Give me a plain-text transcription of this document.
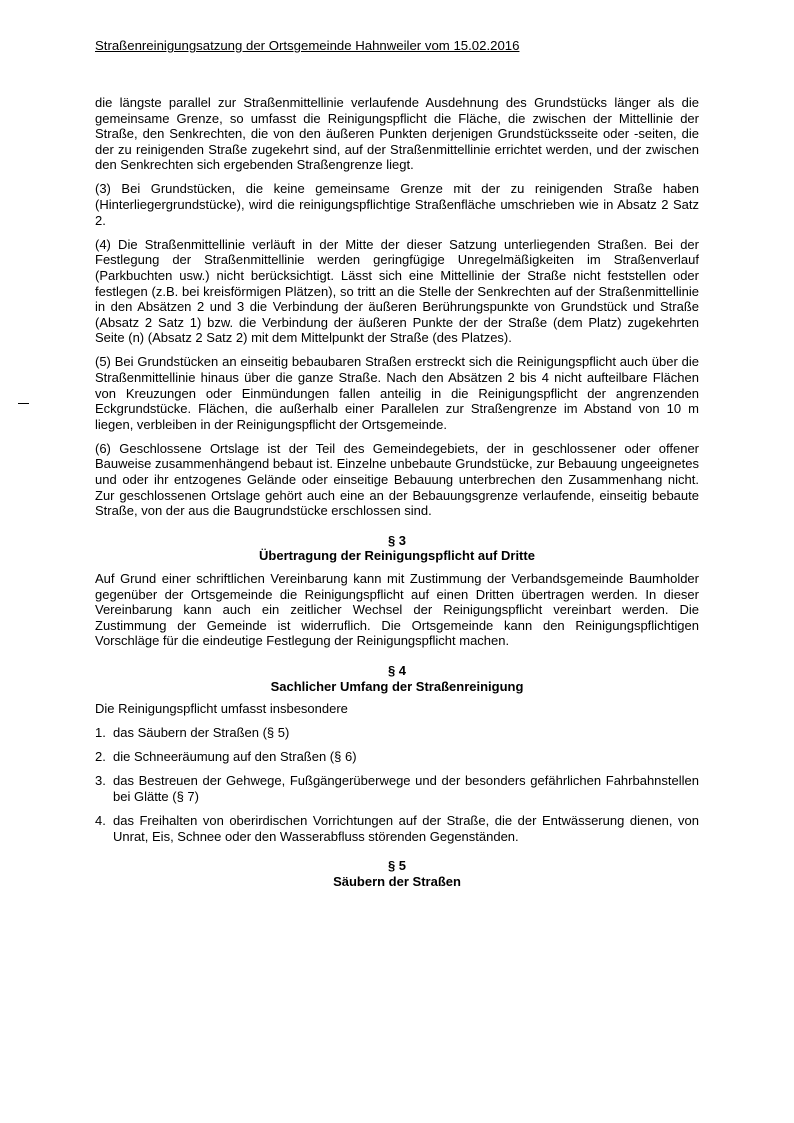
Straßenreinigungsatzung der Ortsgemeinde Hahnweiler vom 15.02.2016

die längste parallel zur Straßenmittellinie verlaufende Ausdehnung des Grundstücks länger als die gemeinsame Grenze, so umfasst die Reinigungspflicht die Fläche, die zwischen der Mittellinie der Straße, den Senkrechten, die von den äußeren Punkten derjenigen Grundstücksseite oder -seiten, die der zu reinigenden Straße zugekehrt sind, auf der Straßenmittellinie errichtet werden, und der zwischen den Senkrechten sich ergebenden Straßengrenze liegt.

(3) Bei Grundstücken, die keine gemeinsame Grenze mit der zu reinigenden Straße haben (Hinterliegergrundstücke), wird die reinigungspflichtige Straßenfläche umschrieben wie in Absatz 2 Satz 2.

(4) Die Straßenmittellinie verläuft in der Mitte der dieser Satzung unterliegenden Straßen. Bei der Festlegung der Straßenmittellinie werden geringfügige Unregelmäßigkeiten im Straßenverlauf (Parkbuchten usw.) nicht berücksichtigt. Lässt sich eine Mittellinie der Straße nicht feststellen oder festlegen (z.B. bei kreisförmigen Plätzen), so tritt an die Stelle der Senkrechten auf der Straßenmittellinie in den Absätzen 2 und 3 die Verbindung der äußeren Berührungspunkte von Grundstück und Straße (Absatz 2 Satz 1) bzw. die Verbindung der äußeren Punkte der der Straße (dem Platz) zugekehrten Seite (n) (Absatz 2 Satz 2) mit dem Mittelpunkt der Straße (des Platzes).

(5) Bei Grundstücken an einseitig bebaubaren Straßen erstreckt sich die Reinigungspflicht auch über die Straßenmittellinie hinaus über die ganze Straße. Nach den Absätzen 2 bis 4 nicht aufteilbare Flächen von Kreuzungen oder Einmündungen fallen anteilig in die Reinigungspflicht der angrenzenden Eckgrundstücke. Flächen, die außerhalb einer Parallelen zur Straßengrenze im Abstand von 10 m liegen, verbleiben in der Reinigungspflicht der Ortsgemeinde.

(6) Geschlossene Ortslage ist der Teil des Gemeindegebiets, der in geschlossener oder offener Bauweise zusammenhängend bebaut ist. Einzelne unbebaute Grundstücke, zur Bebauung ungeeignetes und oder ihr entzogenes Gelände oder einseitige Bebauung unterbrechen den Zusammenhang nicht. Zur geschlossenen Ortslage gehört auch eine an der Bebauungsgrenze verlaufende, einseitig bebaute Straße, von der aus die Baugrundstücke erschlossen sind.

§ 3
Übertragung der Reinigungspflicht auf Dritte

Auf Grund einer schriftlichen Vereinbarung kann mit Zustimmung der Verbandsgemeinde Baumholder gegenüber der Ortsgemeinde die Reinigungspflicht auf einen Dritten übertragen werden. In dieser Vereinbarung kann auch ein zeitlicher Wechsel der Reinigungspflicht vereinbart werden. Die Zustimmung der Gemeinde ist widerruflich. Die Ortsgemeinde kann den Reinigungspflichtigen Vorschläge für die eindeutige Festlegung der Reinigungspflicht machen.

§ 4
Sachlicher Umfang der Straßenreinigung

Die Reinigungspflicht umfasst insbesondere

1. das Säubern der Straßen (§ 5)
2. die Schneeräumung auf den Straßen (§ 6)
3. das Bestreuen der Gehwege, Fußgängerüberwege und der besonders gefährlichen Fahrbahnstellen bei Glätte (§ 7)
4. das Freihalten von oberirdischen Vorrichtungen auf der Straße, die der Entwässerung dienen, von Unrat, Eis, Schnee oder den Wasserabfluss störenden Gegenständen.
§ 5
Säubern der Straßen
